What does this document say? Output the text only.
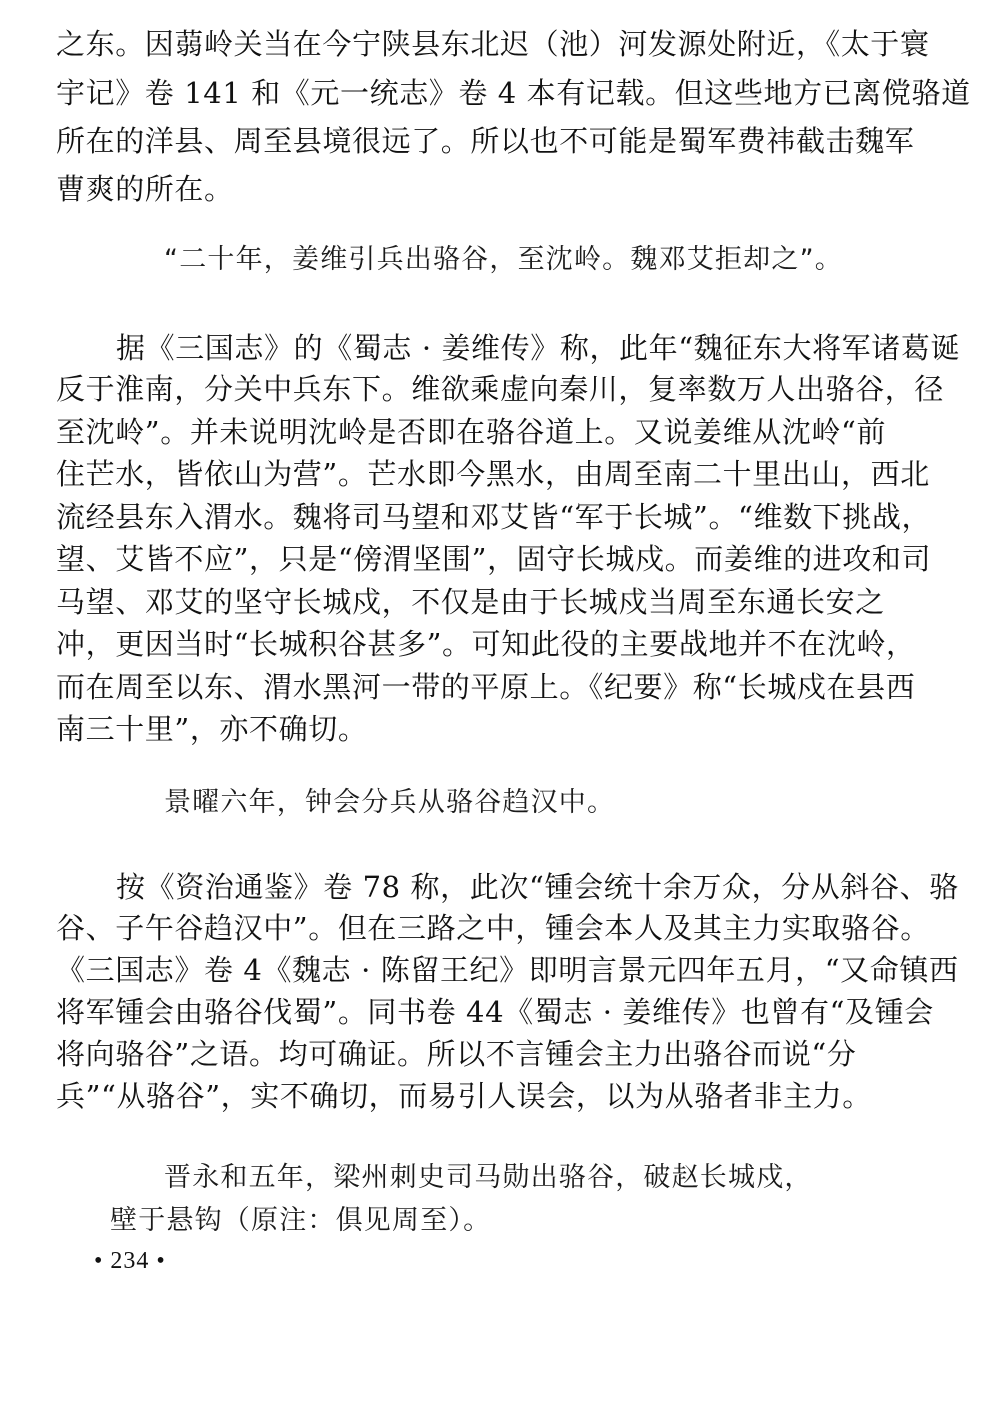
之东。因蒻岭关当在今宁陕县东北迟（池）河发源处附近，《太于寰
宇记》卷 141 和《元一统志》卷 4 本有记载。但这些地方已离傥骆道
所在的洋县、周至县境很远了。所以也不可能是蜀军费祎截击魏军
曹爽的所在。
“二十年，姜维引兵出骆谷，至沈岭。魏邓艾拒却之”。
据《三国志》的《蜀志 · 姜维传》称，此年“魏征东大将军诸葛诞
反于淮南，分关中兵东下。维欲乘虚向秦川，复率数万人出骆谷，径
至沈岭”。并未说明沈岭是否即在骆谷道上。又说姜维从沈岭“前
住芒水，皆依山为营”。芒水即今黑水，由周至南二十里出山，西北
流经县东入渭水。魏将司马望和邓艾皆“军于长城”。“维数下挑战，
望、艾皆不应”，只是“傍渭坚围”，固守长城戍。而姜维的进攻和司
马望、邓艾的坚守长城戍，不仅是由于长城戍当周至东通长安之
冲，更因当时“长城积谷甚多”。可知此役的主要战地并不在沈岭，
而在周至以东、渭水黑河一带的平原上。《纪要》称“长城戍在县西
南三十里”，亦不确切。
景曜六年，钟会分兵从骆谷趋汉中。
按《资治通鉴》卷 78 称，此次“锺会统十余万众，分从斜谷、骆
谷、子午谷趋汉中”。但在三路之中，锺会本人及其主力实取骆谷。
《三国志》卷 4《魏志 · 陈留王纪》即明言景元四年五月，“又命镇西
将军锺会由骆谷伐蜀”。同书卷 44《蜀志 · 姜维传》也曾有“及锺会
将向骆谷”之语。均可确证。所以不言锺会主力出骆谷而说“分
兵”“从骆谷”，实不确切，而易引人误会，以为从骆者非主力。
晋永和五年，梁州刺史司马勋出骆谷，破赵长城戍，
壁于悬钩（原注：俱见周至）。
• 234 •
